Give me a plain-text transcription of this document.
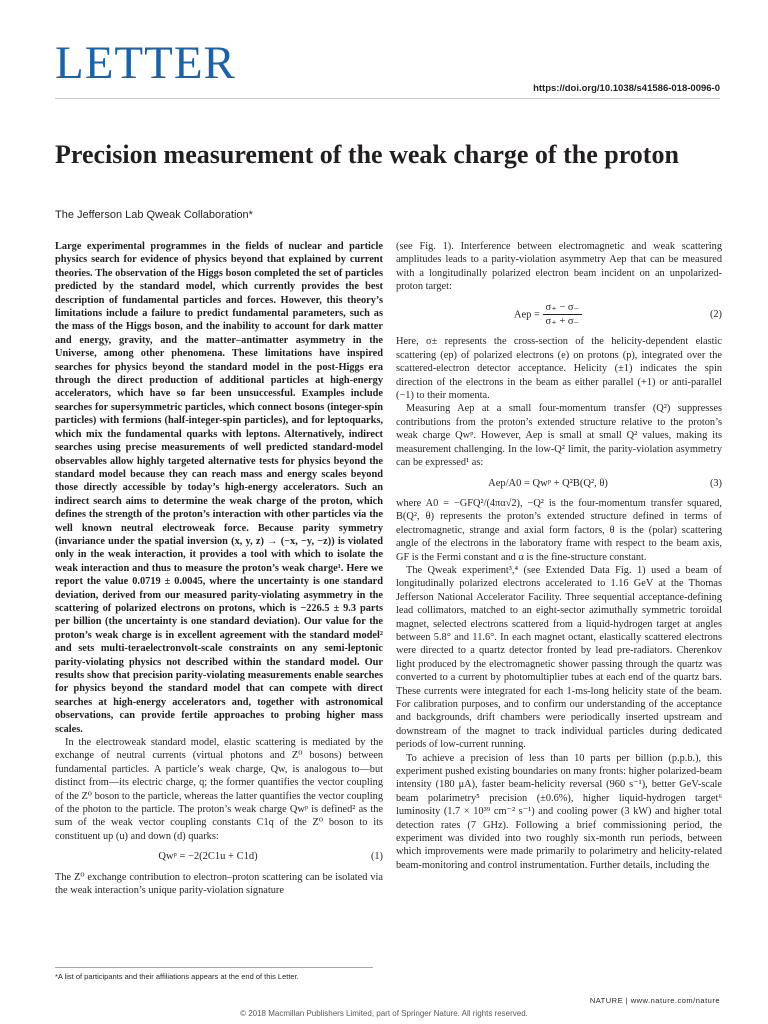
LETTER	https://doi.org/10.1038/s41586-018-0096-0
Precision measurement of the weak charge of the proton
The Jefferson Lab Qweak Collaboration*

Large experimental programmes in the fields of nuclear and particle physics search for evidence of physics beyond that explained by current theories. The observation of the Higgs boson completed the set of particles predicted by the standard model, which currently provides the best description of fundamental particles and forces. However, this theory’s limitations include a failure to predict fundamental parameters, such as the mass of the Higgs boson, and the inability to account for dark matter and energy, gravity, and the matter–antimatter asymmetry in the Universe, among other phenomena. These limitations have inspired searches for physics beyond the standard model in the post-Higgs era through the direct production of additional particles at high-energy accelerators, which have so far been unsuccessful. Examples include searches for supersymmetric particles, which connect bosons (integer-spin particles) with fermions (half-integer-spin particles), and for leptoquarks, which mix the fundamental quarks with leptons. Alternatively, indirect searches using precise measurements of well predicted standard-model observables allow highly targeted alternative tests for physics beyond the standard model because they can reach mass and energy scales beyond those directly accessible by today’s high-energy accelerators. Such an indirect search aims to determine the weak charge of the proton, which defines the strength of the proton’s interaction with other particles via the well known neutral electroweak force. Because parity symmetry (invariance under the spatial inversion (x, y, z) → (−x, −y, −z)) is violated only in the weak interaction, it provides a tool with which to isolate the weak interaction and thus to measure the proton’s weak charge¹. Here we report the value 0.0719 ± 0.0045, where the uncertainty is one standard deviation, derived from our measured parity-violating asymmetry in the scattering of polarized electrons on protons, which is −226.5 ± 9.3 parts per billion (the uncertainty is one standard deviation). Our value for the proton’s weak charge is in excellent agreement with the standard model² and sets multi-teraelectronvolt-scale constraints on any semi-leptonic parity-violating physics not described within the standard model. Our results show that precision parity-violating measurements enable searches for physics beyond the standard model that can compete with direct searches at high-energy accelerators and, together with astronomical observations, can provide fertile approaches to probing higher mass scales.

In the electroweak standard model, elastic scattering is mediated by the exchange of neutral currents (virtual photons and Z⁰ bosons) between fundamental particles. A particle’s weak charge, Qw, is analogous to—but distinct from—its electric charge, q; the former quantifies the vector coupling of the Z⁰ boson to the particle, whereas the latter quantifies the vector coupling of the photon to the particle. The proton’s weak charge Qwᵖ is defined² as the sum of the weak vector coupling constants C1q of the Z⁰ boson to its constituent up (u) and down (d) quarks:

Qwᵖ = −2(2C1u + C1d)	(1)

The Z⁰ exchange contribution to electron–proton scattering can be isolated via the weak interaction’s unique parity-violation signature

(see Fig. 1). Interference between electromagnetic and weak scattering amplitudes leads to a parity-violation asymmetry Aep that can be measured with a longitudinally polarized electron beam incident on an unpolarized-proton target:

Aep = $\frac{\sigma_+ - \sigma_-}{\sigma_+ + \sigma_-}$	(2)

Here, σ± represents the cross-section of the helicity-dependent elastic scattering (ep) of polarized electrons (e) on protons (p), integrated over the scattered-electron detector acceptance. Helicity (±1) indicates the spin direction of the electrons in the beam as either parallel (+1) or anti-parallel (−1) to their momenta.

Measuring Aep at a small four-momentum transfer (Q²) suppresses contributions from the proton’s extended structure relative to the proton’s weak charge Qwᵖ. However, Aep is small at small Q² values, making its measurement challenging. In the low-Q² limit, the parity-violation asymmetry can be expressed¹ as:

Aep/A0 = Qwᵖ + Q²B(Q², θ)	(3)

where A0 = −GFQ²/(4πα√2), −Q² is the four-momentum transfer squared, B(Q², θ) represents the proton’s extended structure defined in terms of electromagnetic, strange and axial form factors, θ is the (polar) scattering angle of the electrons in the laboratory frame with respect to the beam axis, GF is the Fermi constant and α is the fine-structure constant.

The Qweak experiment³,⁴ (see Extended Data Fig. 1) used a beam of longitudinally polarized electrons accelerated to 1.16 GeV at the Thomas Jefferson National Accelerator Facility. Three sequential acceptance-defining lead collimators, matched to an eight-sector azimuthally symmetric toroidal magnet, selected electrons scattered from a liquid-hydrogen target at angles between 5.8° and 11.6°. In each magnet octant, elastically scattered electrons were directed to a quartz detector fronted by lead pre-radiators. Cherenkov light produced by the electromagnetic shower passing through the quartz was converted to a current by photomultiplier tubes at each end of the quartz bars. These currents were integrated for each 1-ms-long helicity state of the beam. For calibration purposes, and to confirm our understanding of the acceptance and backgrounds, drift chambers were periodically inserted upstream and downstream of the magnet to track individual particles during dedicated periods of low-current running.

To achieve a precision of less than 10 parts per billion (p.p.b.), this experiment pushed existing boundaries on many fronts: higher polarized-beam intensity (180 μA), faster beam-helicity reversal (960 s⁻¹), better GeV-scale beam polarimetry⁵ precision (±0.6%), higher liquid-hydrogen target⁶ luminosity (1.7 × 10³⁹ cm⁻² s⁻¹) and cooling power (3 kW) and higher total detection rates (7 GHz). Following a brief commissioning period, the experiment was divided into two roughly six-month run periods, between which improvements were made primarily to polarimetry and helicity-related beam-monitoring and control instrumentation. Further details, including the

*A list of participants and their affiliations appears at the end of this Letter.
NATURE | www.nature.com/nature
© 2018 Macmillan Publishers Limited, part of Springer Nature. All rights reserved.
